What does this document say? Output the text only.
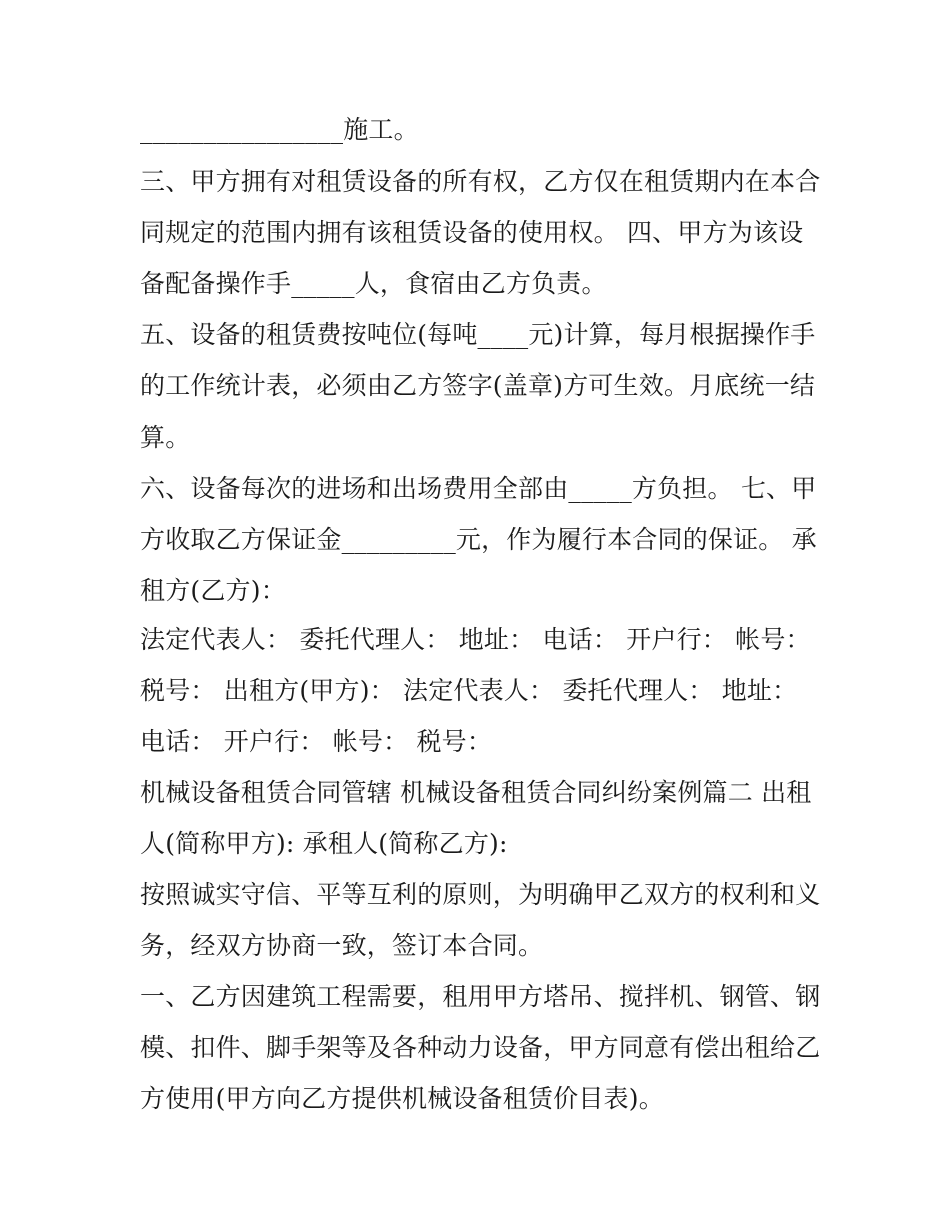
________________施工。
三、甲方拥有对租赁设备的所有权，乙方仅在租赁期内在本合
同规定的范围内拥有该租赁设备的使用权。 四、甲方为该设
备配备操作手_____人，食宿由乙方负责。
五、设备的租赁费按吨位(每吨____元)计算，每月根据操作手
的工作统计表，必须由乙方签字(盖章)方可生效。月底统一结
算。
六、设备每次的进场和出场费用全部由_____方负担。 七、甲
方收取乙方保证金_________元，作为履行本合同的保证。 承
租方(乙方)：
法定代表人： 委托代理人： 地址： 电话： 开户行： 帐号：
税号： 出租方(甲方)： 法定代表人： 委托代理人： 地址：
电话： 开户行： 帐号： 税号：
机械设备租赁合同管辖 机械设备租赁合同纠纷案例篇二 出租
人(简称甲方): 承租人(简称乙方):
按照诚实守信、平等互利的原则，为明确甲乙双方的权利和义
务，经双方协商一致，签订本合同。
一、乙方因建筑工程需要，租用甲方塔吊、搅拌机、钢管、钢
模、扣件、脚手架等及各种动力设备，甲方同意有偿出租给乙
方使用(甲方向乙方提供机械设备租赁价目表)。
